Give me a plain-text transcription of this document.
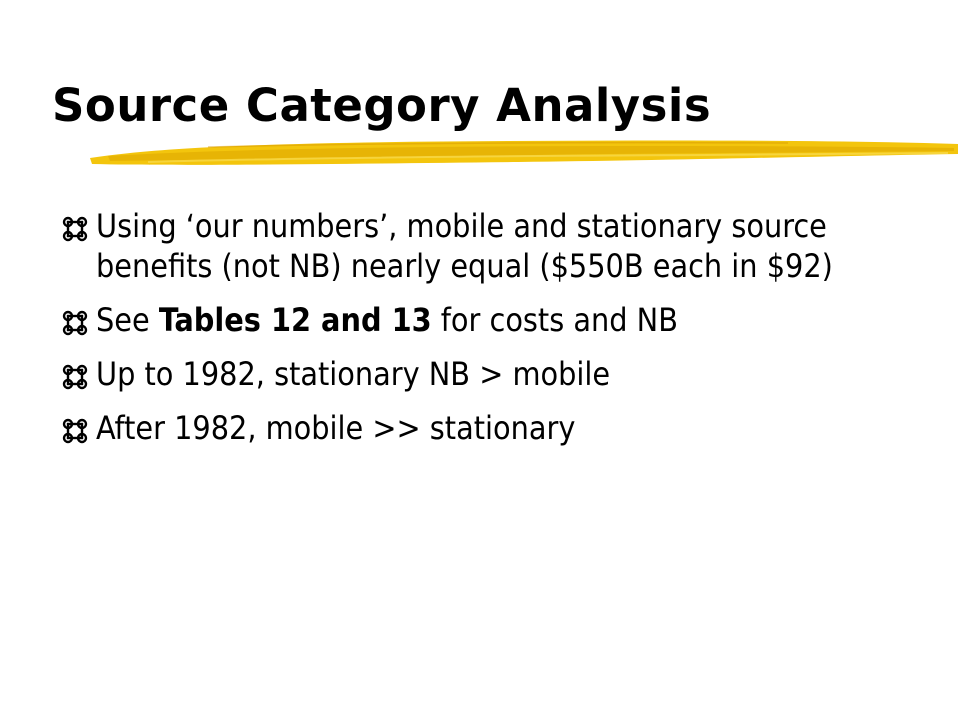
Source Category Analysis
Using ‘our numbers’, mobile and stationary source benefits (not NB) nearly equal ($550B each in $92)
See Tables 12 and 13 for costs and NB
Up to 1982, stationary NB > mobile
After 1982, mobile >> stationary
